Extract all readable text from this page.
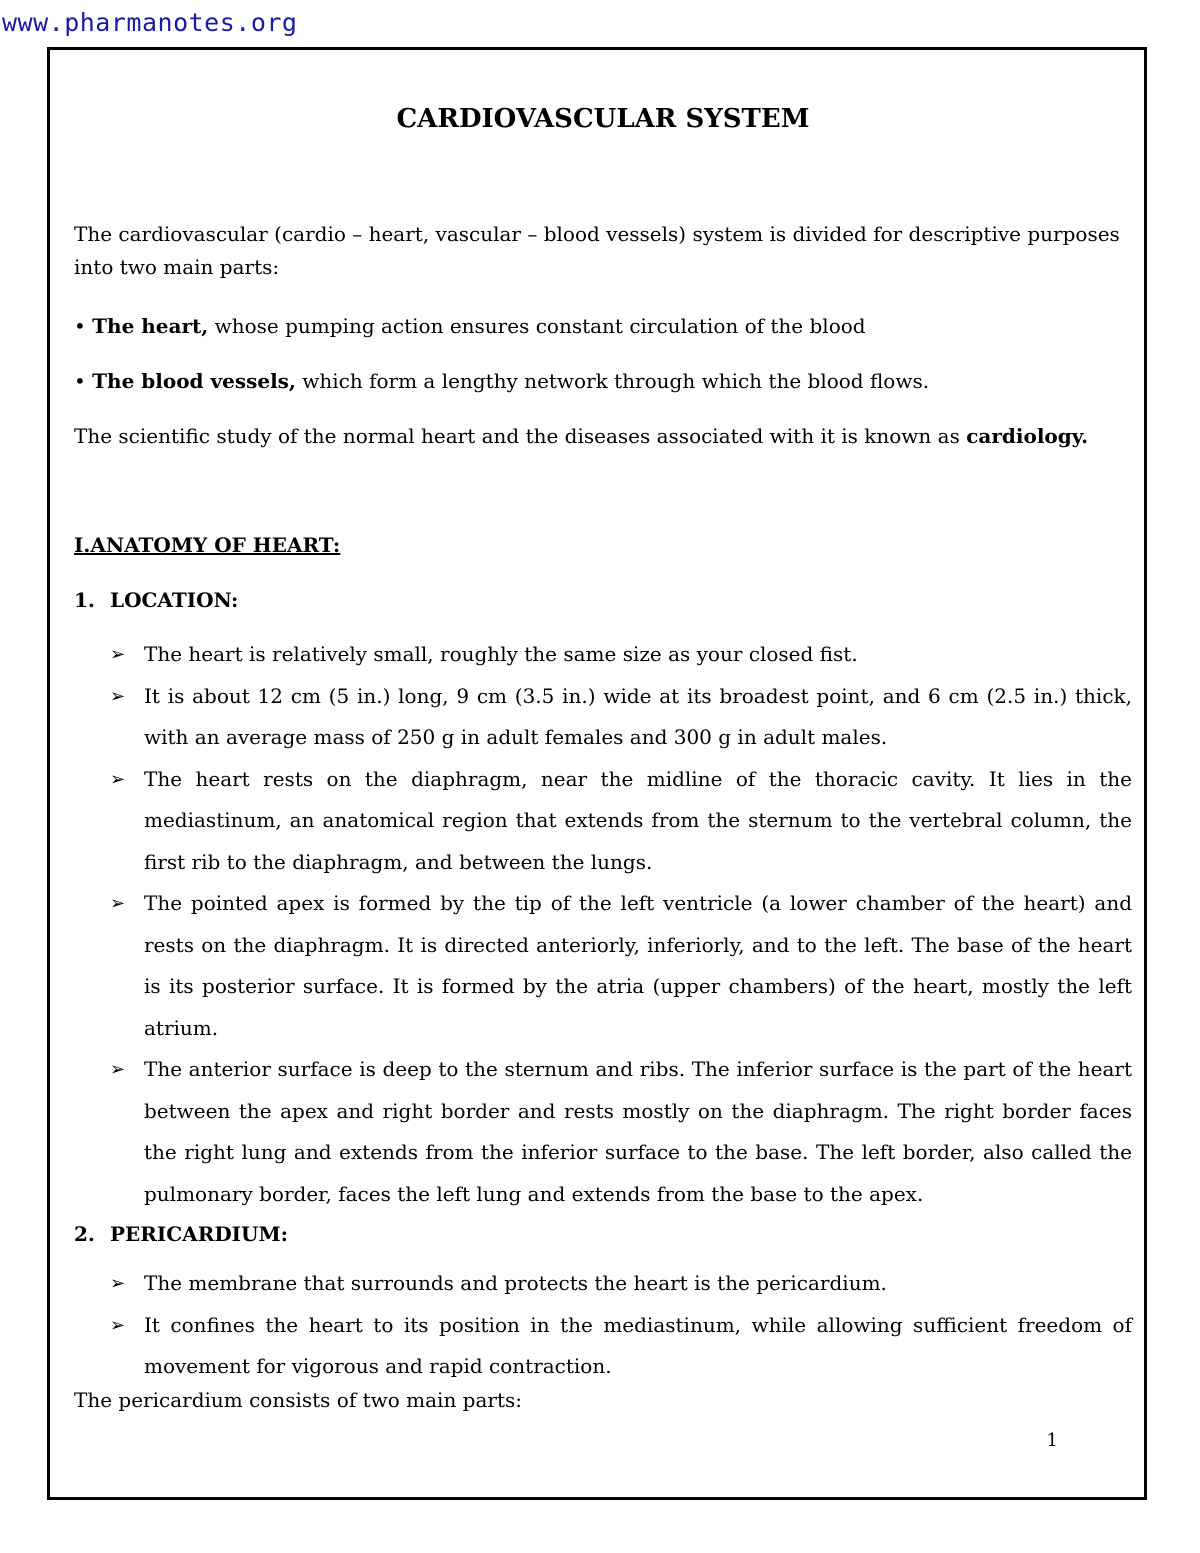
www.pharmanotes.org

CARDIOVASCULAR SYSTEM

The cardiovascular (cardio – heart, vascular – blood vessels) system is divided for descriptive purposes into two main parts:

• The heart, whose pumping action ensures constant circulation of the blood

• The blood vessels, which form a lengthy network through which the blood flows.

The scientific study of the normal heart and the diseases associated with it is known as cardiology.

I.ANATOMY OF HEART:

1. LOCATION:

➢ The heart is relatively small, roughly the same size as your closed fist.
➢ It is about 12 cm (5 in.) long, 9 cm (3.5 in.) wide at its broadest point, and 6 cm (2.5 in.) thick, with an average mass of 250 g in adult females and 300 g in adult males.
➢ The heart rests on the diaphragm, near the midline of the thoracic cavity. It lies in the mediastinum, an anatomical region that extends from the sternum to the vertebral column, the first rib to the diaphragm, and between the lungs.
➢ The pointed apex is formed by the tip of the left ventricle (a lower chamber of the heart) and rests on the diaphragm. It is directed anteriorly, inferiorly, and to the left. The base of the heart is its posterior surface. It is formed by the atria (upper chambers) of the heart, mostly the left atrium.
➢ The anterior surface is deep to the sternum and ribs. The inferior surface is the part of the heart between the apex and right border and rests mostly on the diaphragm. The right border faces the right lung and extends from the inferior surface to the base. The left border, also called the pulmonary border, faces the left lung and extends from the base to the apex.

2. PERICARDIUM:

➢ The membrane that surrounds and protects the heart is the pericardium.
➢ It confines the heart to its position in the mediastinum, while allowing sufficient freedom of movement for vigorous and rapid contraction.

The pericardium consists of two main parts:

1
